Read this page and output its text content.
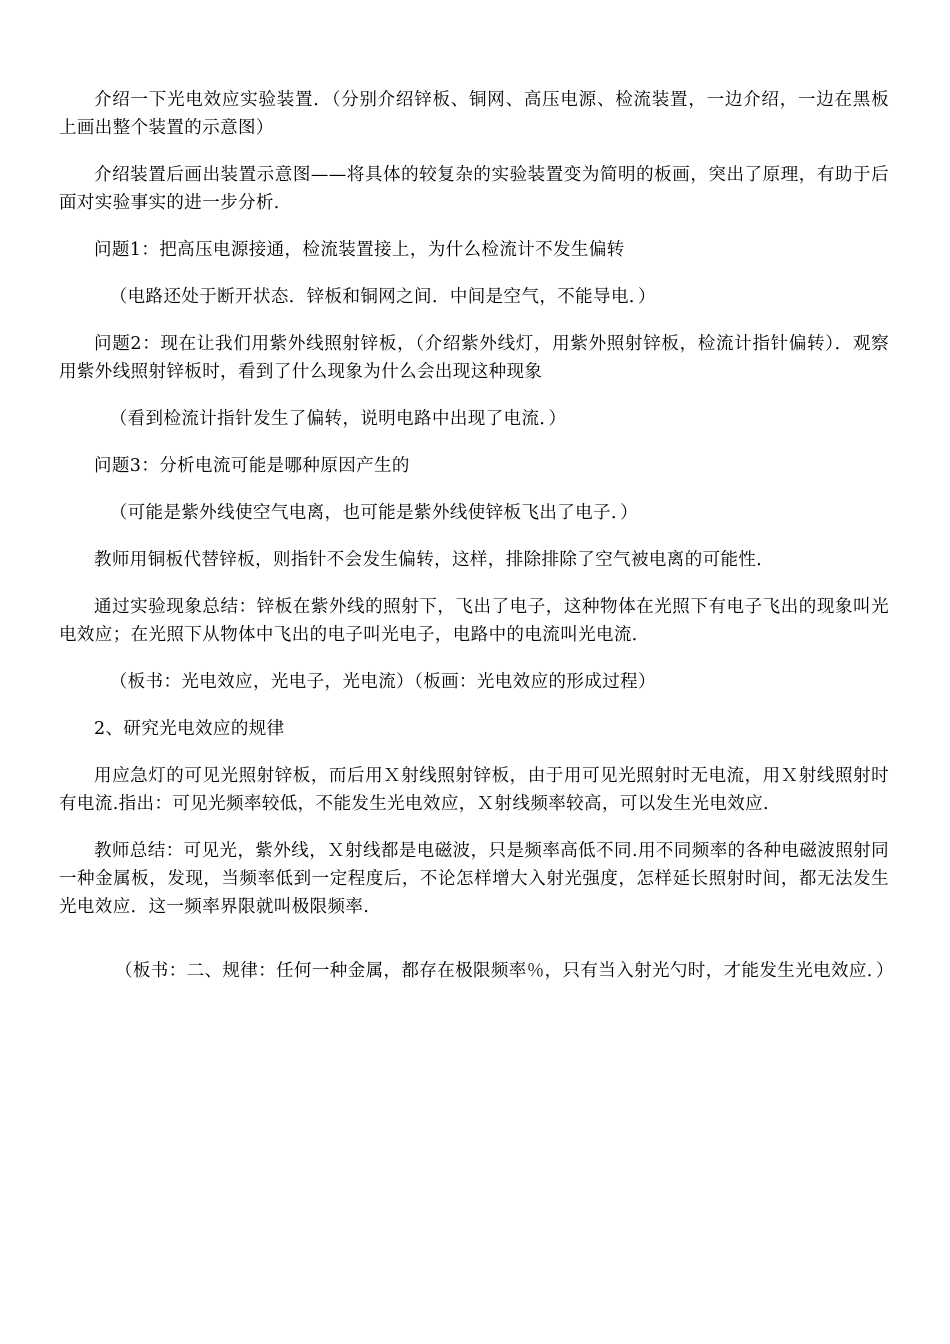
介绍一下光电效应实验装置．（分别介绍锌板、铜网、高压电源、检流装置，一边介绍，一边在黑板上画出整个装置的示意图）

介绍装置后画出装置示意图——将具体的较复杂的实验装置变为简明的板画，突出了原理，有助于后面对实验事实的进一步分析．

问题1：把高压电源接通，检流装置接上，为什么检流计不发生偏转

（电路还处于断开状态．锌板和铜网之间．中间是空气，不能导电．）

问题2：现在让我们用紫外线照射锌板，（介绍紫外线灯，用紫外照射锌板，检流计指针偏转）．观察用紫外线照射锌板时，看到了什么现象为什么会出现这种现象

（看到检流计指针发生了偏转，说明电路中出现了电流．）

问题3：分析电流可能是哪种原因产生的

（可能是紫外线使空气电离，也可能是紫外线使锌板飞出了电子．）

教师用铜板代替锌板，则指针不会发生偏转，这样，排除排除了空气被电离的可能性．

通过实验现象总结：锌板在紫外线的照射下，飞出了电子，这种物体在光照下有电子飞出的现象叫光电效应；在光照下从物体中飞出的电子叫光电子，电路中的电流叫光电流．

（板书：光电效应，光电子，光电流）（板画：光电效应的形成过程）

2、研究光电效应的规律

用应急灯的可见光照射锌板，而后用Ｘ射线照射锌板，由于用可见光照射时无电流，用Ｘ射线照射时有电流.指出：可见光频率较低，不能发生光电效应，Ｘ射线频率较高，可以发生光电效应.

教师总结：可见光，紫外线，Ｘ射线都是电磁波，只是频率高低不同.用不同频率的各种电磁波照射同一种金属板，发现，当频率低到一定程度后，不论怎样增大入射光强度，怎样延长照射时间，都无法发生光电效应．这一频率界限就叫极限频率.

（板书：二、规律：任何一种金属，都存在极限频率％，只有当入射光勺时，才能发生光电效应．）
